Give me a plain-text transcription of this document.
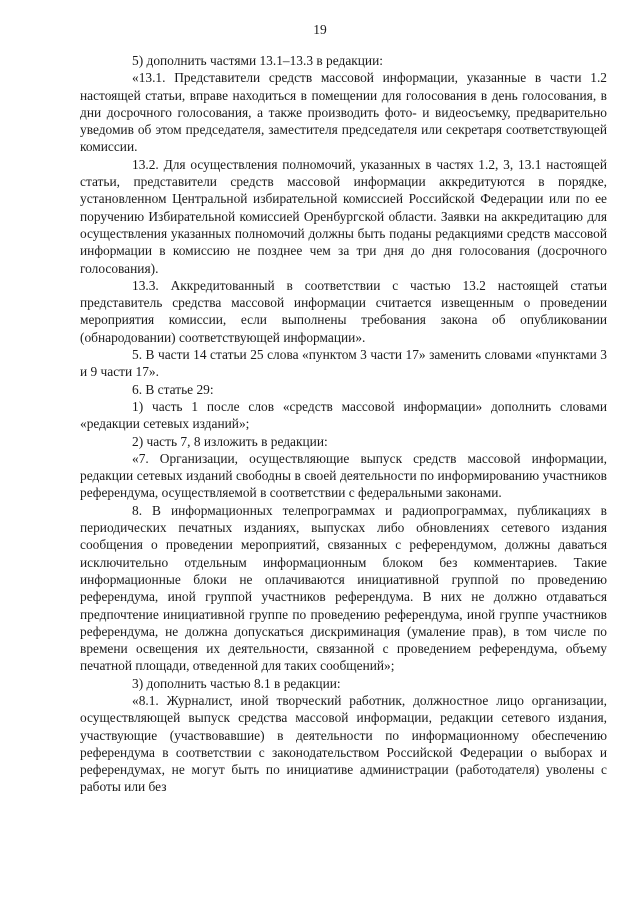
19

5) дополнить частями 13.1–13.3 в редакции:

«13.1. Представители средств массовой информации, указанные в части 1.2 настоящей статьи, вправе находиться в помещении для голосования в день голосования, в дни досрочного голосования, а также производить фото- и видеосъемку, предварительно уведомив об этом председателя, заместителя председателя или секретаря соответствующей комиссии.

13.2. Для осуществления полномочий, указанных в частях 1.2, 3, 13.1 настоящей статьи, представители средств массовой информации аккредитуются в порядке, установленном Центральной избирательной комиссией Российской Федерации или по ее поручению Избирательной комиссией Оренбургской области. Заявки на аккредитацию для осуществления указанных полномочий должны быть поданы редакциями средств массовой информации в комиссию не позднее чем за три дня до дня голосования (досрочного голосования).

13.3. Аккредитованный в соответствии с частью 13.2 настоящей статьи представитель средства массовой информации считается извещенным о проведении мероприятия комиссии, если выполнены требования закона об опубликовании (обнародовании) соответствующей информации».

5. В части 14 статьи 25 слова «пунктом 3 части 17» заменить словами «пунктами 3 и 9 части 17».

6. В статье 29:

1) часть 1 после слов «средств массовой информации» дополнить словами «редакции сетевых изданий»;

2) часть 7, 8 изложить в редакции:

«7. Организации, осуществляющие выпуск средств массовой информации, редакции сетевых изданий свободны в своей деятельности по информированию участников референдума, осуществляемой в соответствии с федеральными законами.

8. В информационных телепрограммах и радиопрограммах, публикациях в периодических печатных изданиях, выпусках либо обновлениях сетевого издания сообщения о проведении мероприятий, связанных с референдумом, должны даваться исключительно отдельным информационным блоком без комментариев. Такие информационные блоки не оплачиваются инициативной группой по проведению референдума, иной группой участников референдума. В них не должно отдаваться предпочтение инициативной группе по проведению референдума, иной группе участников референдума, не должна допускаться дискриминация (умаление прав), в том числе по времени освещения их деятельности, связанной с проведением референдума, объему печатной площади, отведенной для таких сообщений»;

3) дополнить частью 8.1 в редакции:

«8.1. Журналист, иной творческий работник, должностное лицо организации, осуществляющей выпуск средства массовой информации, редакции сетевого издания, участвующие (участвовавшие) в деятельности по информационному обеспечению референдума в соответствии с законодательством Российской Федерации о выборах и референдумах, не могут быть по инициативе администрации (работодателя) уволены с работы или без
